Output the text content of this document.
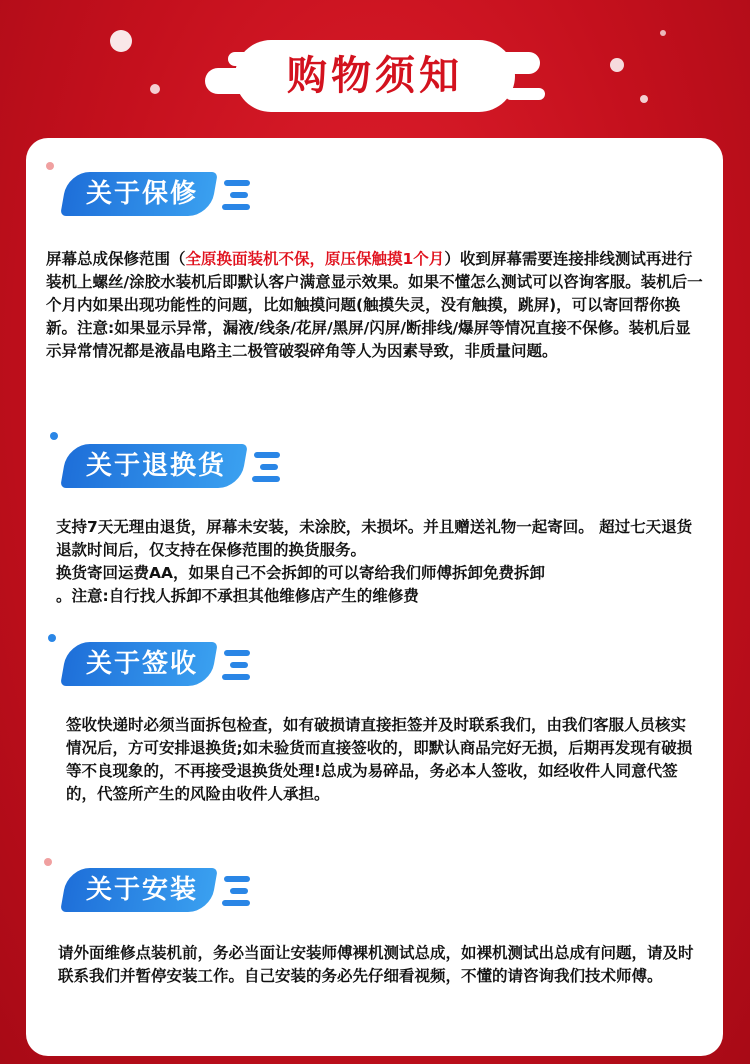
购物须知
关于保修
屏幕总成保修范围（全原换面装机不保，原压保触摸1个月）收到屏幕需要连接排线测试再进行装机上螺丝/涂胶水装机后即默认客户满意显示效果。如果不懂怎么测试可以咨询客服。装机后一个月内如果出现功能性的问题，比如触摸问题(触摸失灵，没有触摸，跳屏)，可以寄回帮你换新。注意:如果显示异常，漏液/线条/花屏/黑屏/闪屏/断排线/爆屏等情况直接不保修。装机后显示异常情况都是液晶电路主二极管破裂碎角等人为因素导致，非质量问题。
关于退换货
支持7天无理由退货，屏幕未安装，未涂胶，未损坏。并且赠送礼物一起寄回。 超过七天退货退款时间后，仅支持在保修范围的换货服务。
换货寄回运费AA，如果自己不会拆卸的可以寄给我们师傅拆卸免费拆卸
。注意:自行找人拆卸不承担其他维修店产生的维修费
关于签收
签收快递时必须当面拆包检查，如有破损请直接拒签并及时联系我们，由我们客服人员核实情况后，方可安排退换货;如未验货而直接签收的，即默认商品完好无损，后期再发现有破损等不良现象的，不再接受退换货处理!总成为易碎品，务必本人签收，如经收件人同意代签的，代签所产生的风险由收件人承担。
关于安装
请外面维修点装机前，务必当面让安装师傅裸机测试总成，如裸机测试出总成有问题，请及时联系我们并暂停安装工作。自己安装的务必先仔细看视频，不懂的请咨询我们技术师傅。
